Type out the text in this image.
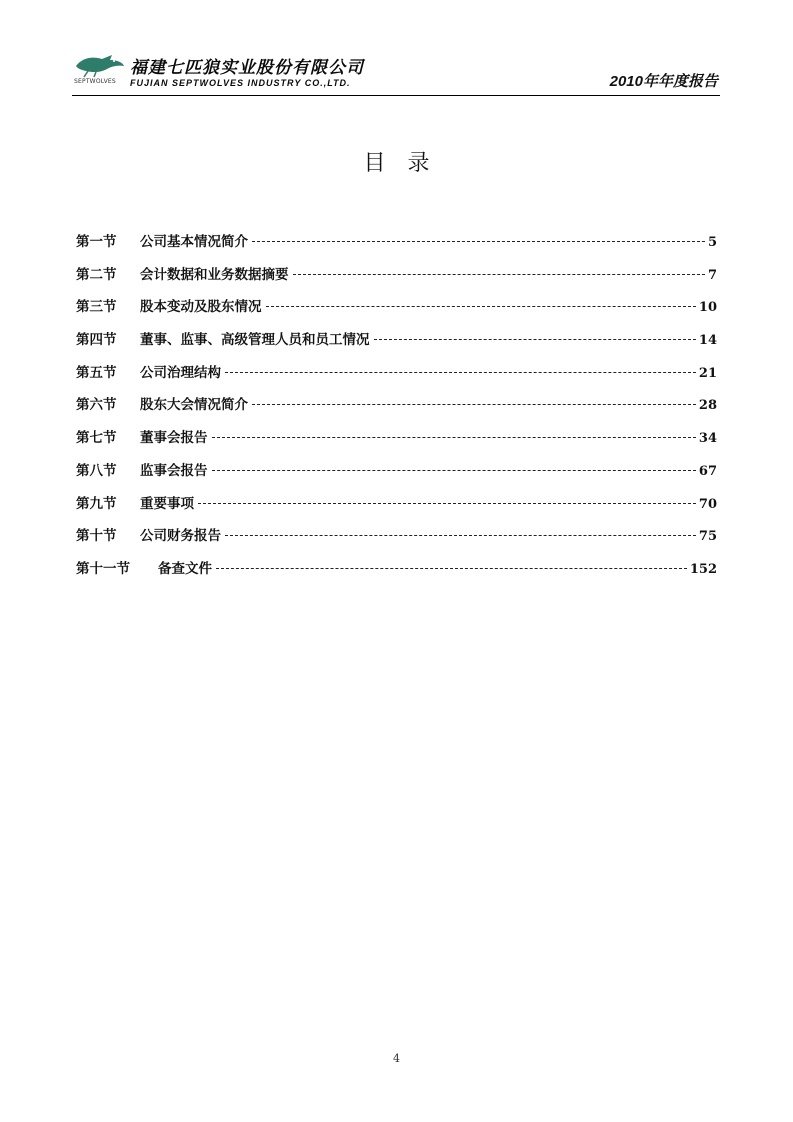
SEPTWOLVES
福建七匹狼实业股份有限公司
FUJIAN SEPTWOLVES INDUSTRY CO.,LTD.	2010年年度报告
目录
第一节	公司基本情况简介	5
第二节	会计数据和业务数据摘要	7
第三节	股本变动及股东情况	10
第四节	董事、监事、高级管理人员和员工情况	14
第五节	公司治理结构	21
第六节	股东大会情况简介	28
第七节	董事会报告	34
第八节	监事会报告	67
第九节	重要事项	70
第十节	公司财务报告	75
第十一节	备查文件	152
4
